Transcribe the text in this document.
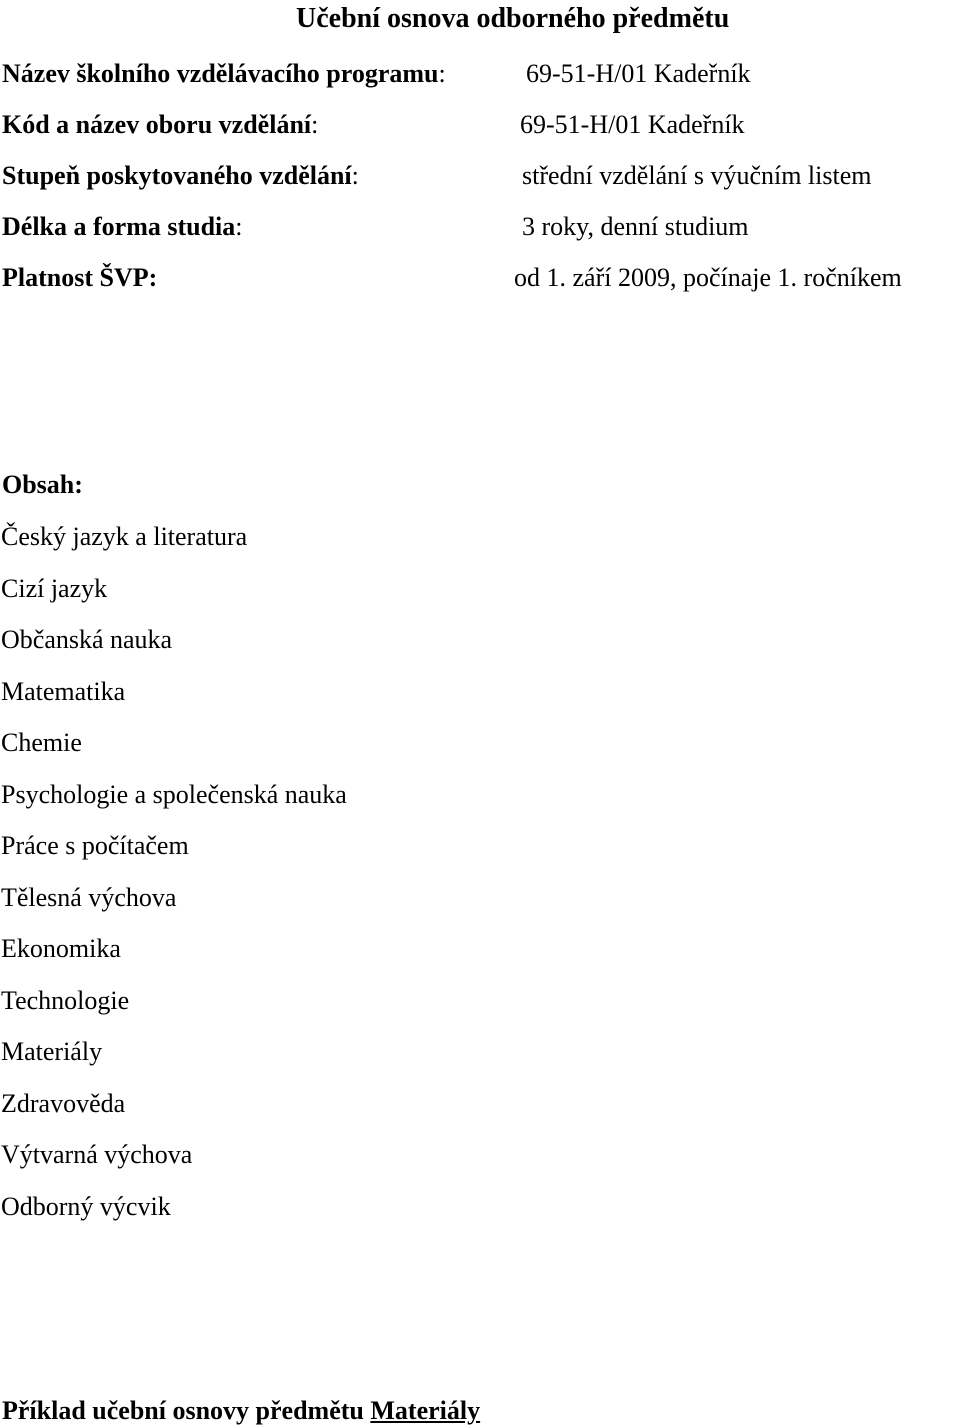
Učební osnova odborného předmětu
Název školního vzdělávacího programu:	69-51-H/01 Kadeřník
Kód a název oboru vzdělání:	69-51-H/01 Kadeřník
Stupeň poskytovaného vzdělání:	střední vzdělání s výučním listem
Délka a forma studia:	3 roky, denní studium
Platnost ŠVP:	od 1. září 2009, počínaje 1. ročníkem
Obsah:
Český jazyk a literatura
Cizí jazyk
Občanská nauka
Matematika
Chemie
Psychologie a společenská nauka
Práce s počítačem
Tělesná výchova
Ekonomika
Technologie
Materiály
Zdravověda
Výtvarná výchova
Odborný výcvik
Příklad učební osnovy předmětu Materiály
